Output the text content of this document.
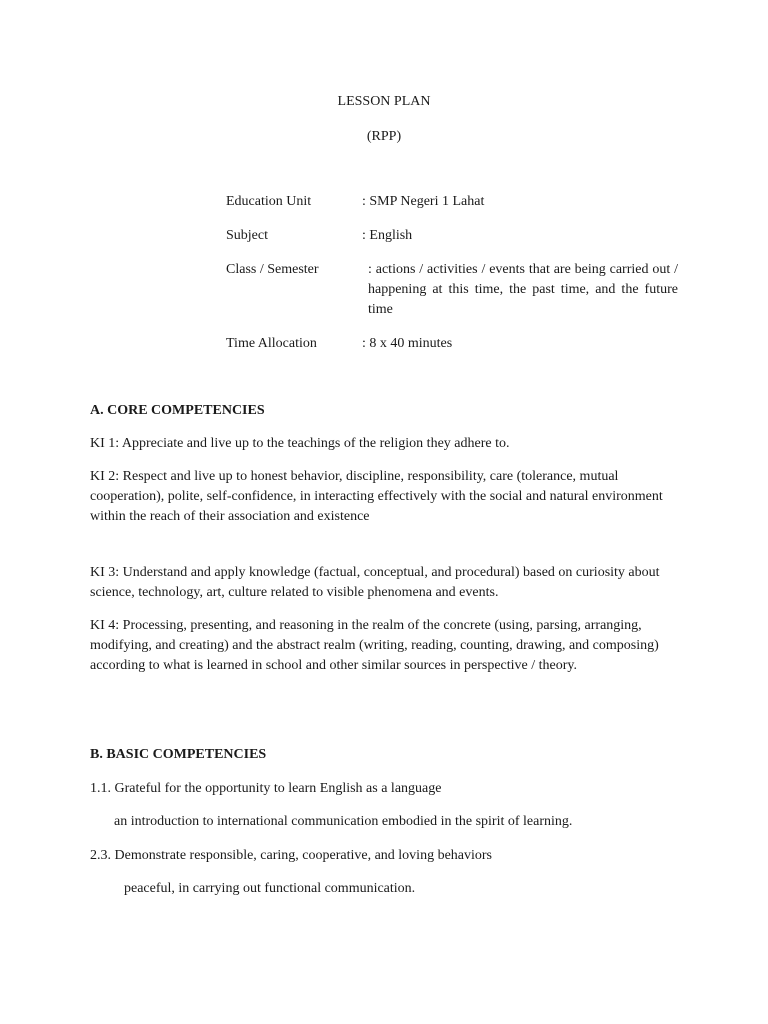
LESSON PLAN
(RPP)
Education Unit	: SMP Negeri 1 Lahat
Subject	: English
Class / Semester	: actions / activities / events that are being carried out / happening at this time, the past time, and the future time
Time Allocation	: 8 x 40 minutes
A. CORE COMPETENCIES
KI 1: Appreciate and live up to the teachings of the religion they adhere to.
KI 2: Respect and live up to honest behavior, discipline, responsibility, care (tolerance, mutual cooperation), polite, self-confidence, in interacting effectively with the social and natural environment within the reach of their association and existence
KI 3: Understand and apply knowledge (factual, conceptual, and procedural) based on curiosity about science, technology, art, culture related to visible phenomena and events.
KI 4: Processing, presenting, and reasoning in the realm of the concrete (using, parsing, arranging, modifying, and creating) and the abstract realm (writing, reading, counting, drawing, and composing) according to what is learned in school and other similar sources in perspective / theory.
B. BASIC COMPETENCIES
1.1. Grateful for the opportunity to learn English as a language
an introduction to international communication embodied in the spirit of learning.
2.3. Demonstrate responsible, caring, cooperative, and loving behaviors
peaceful, in carrying out functional communication.
